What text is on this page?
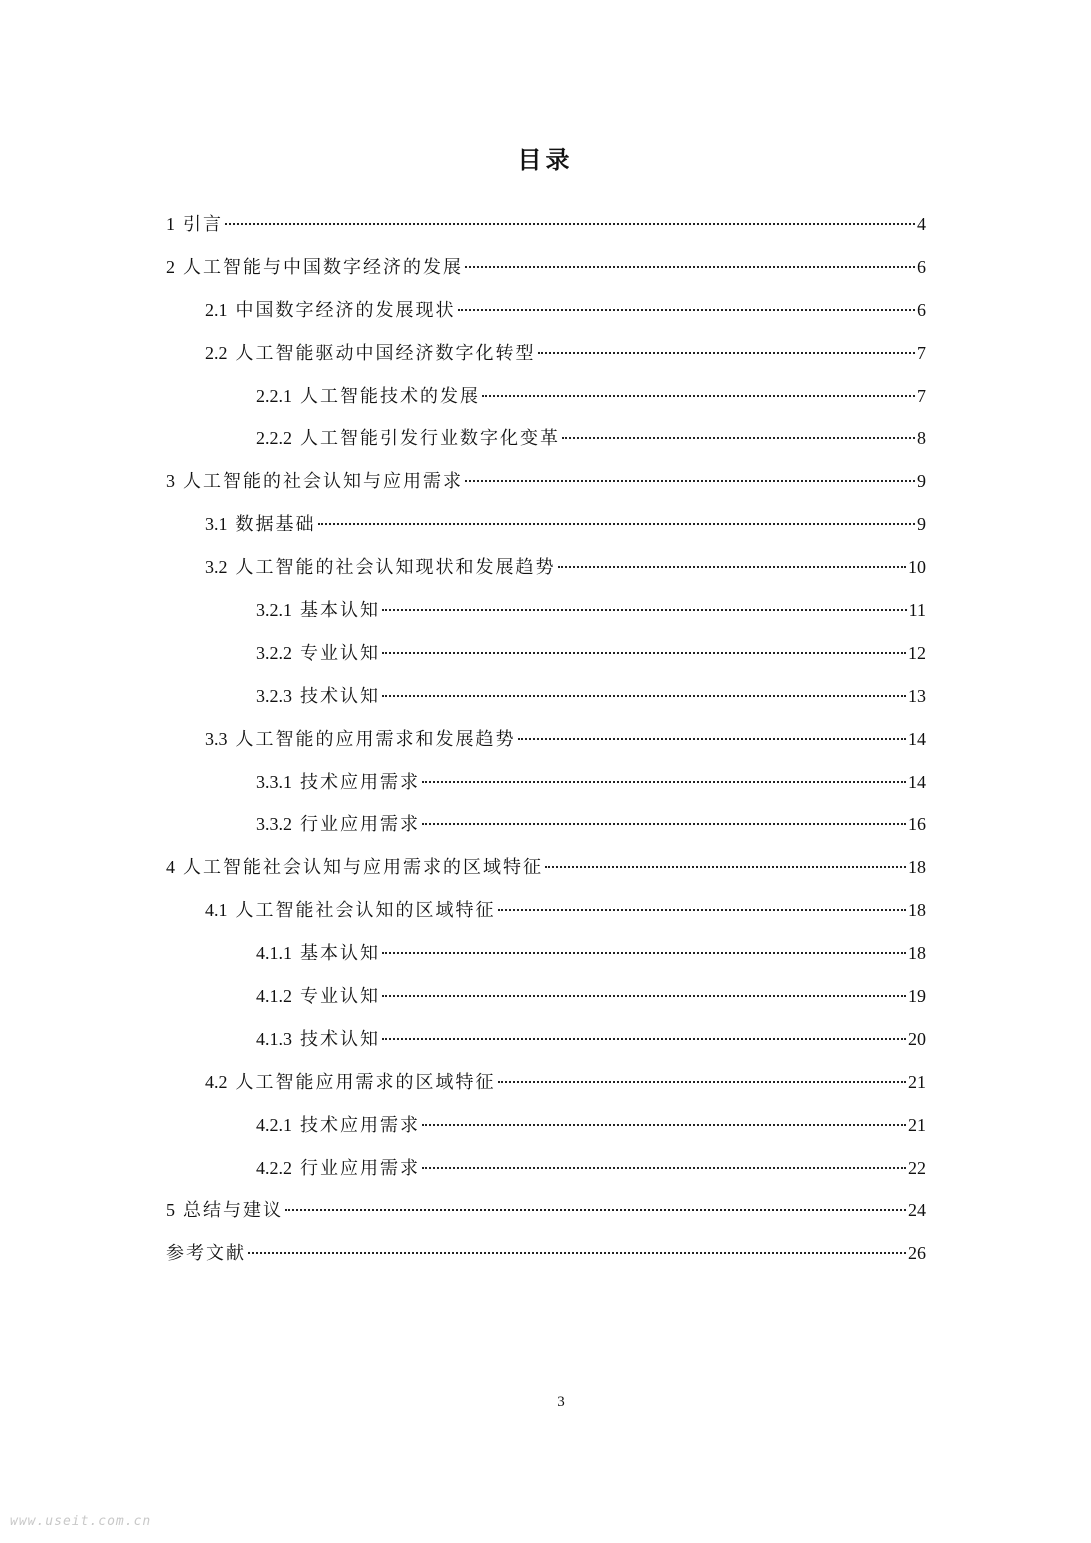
目录
1 引言	4
2 人工智能与中国数字经济的发展	6
2.1 中国数字经济的发展现状	6
2.2 人工智能驱动中国经济数字化转型	7
2.2.1 人工智能技术的发展	7
2.2.2 人工智能引发行业数字化变革	8
3 人工智能的社会认知与应用需求	9
3.1 数据基础	9
3.2 人工智能的社会认知现状和发展趋势	10
3.2.1 基本认知	11
3.2.2 专业认知	12
3.2.3 技术认知	13
3.3 人工智能的应用需求和发展趋势	14
3.3.1 技术应用需求	14
3.3.2 行业应用需求	16
4 人工智能社会认知与应用需求的区域特征	18
4.1 人工智能社会认知的区域特征	18
4.1.1 基本认知	18
4.1.2 专业认知	19
4.1.3 技术认知	20
4.2 人工智能应用需求的区域特征	21
4.2.1 技术应用需求	21
4.2.2 行业应用需求	22
5 总结与建议	24
参考文献	26
3
www.useit.com.cn
